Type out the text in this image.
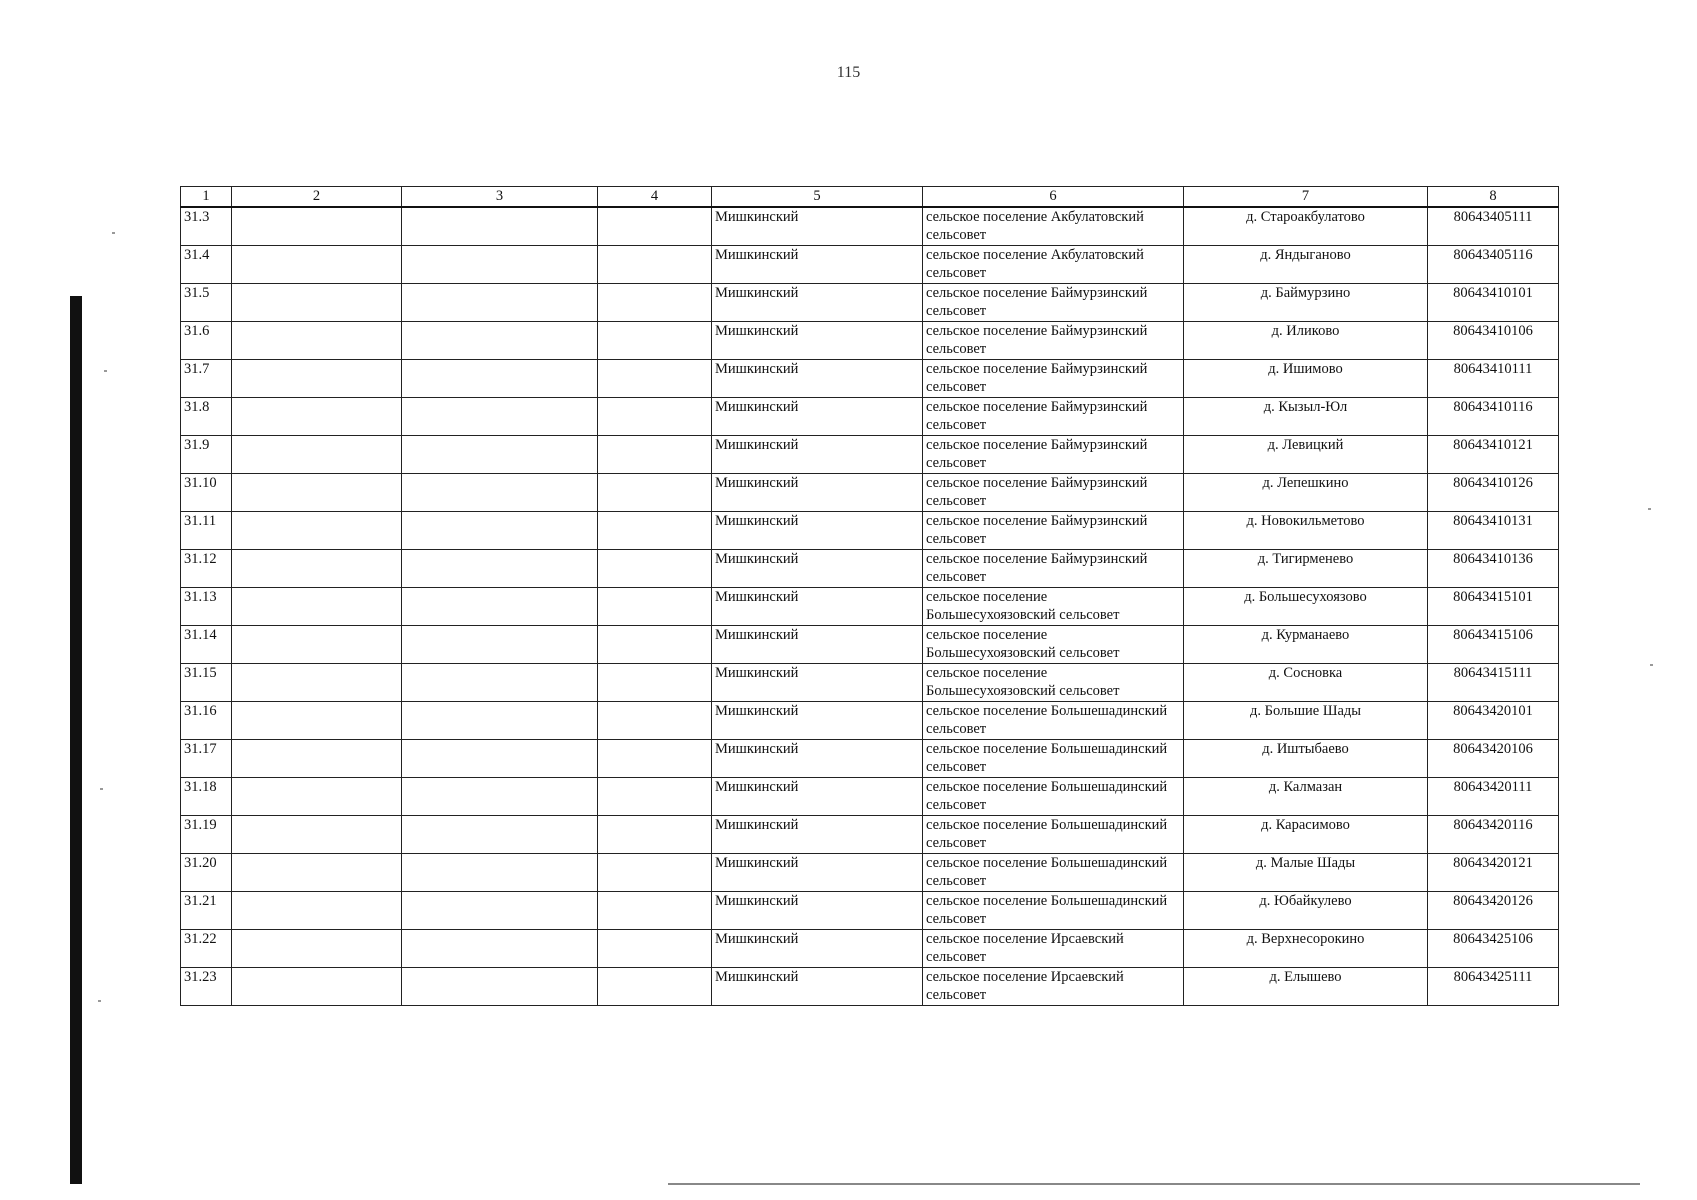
115
1	2	3	4	5	6	7	8
31.3				Мишкинский	сельское поселение Акбулатовский сельсовет	д. Староакбулатово	80643405111
31.4				Мишкинский	сельское поселение Акбулатовский сельсовет	д. Яндыганово	80643405116
31.5				Мишкинский	сельское поселение Баймурзинский сельсовет	д. Баймурзино	80643410101
31.6				Мишкинский	сельское поселение Баймурзинский сельсовет	д. Иликово	80643410106
31.7				Мишкинский	сельское поселение Баймурзинский сельсовет	д. Ишимово	80643410111
31.8				Мишкинский	сельское поселение Баймурзинский сельсовет	д. Кызыл-Юл	80643410116
31.9				Мишкинский	сельское поселение Баймурзинский сельсовет	д. Левицкий	80643410121
31.10				Мишкинский	сельское поселение Баймурзинский сельсовет	д. Лепешкино	80643410126
31.11				Мишкинский	сельское поселение Баймурзинский сельсовет	д. Новокильметово	80643410131
31.12				Мишкинский	сельское поселение Баймурзинский сельсовет	д. Тигирменево	80643410136
31.13				Мишкинский	сельское поселение Большесухоязовский сельсовет	д. Большесухоязово	80643415101
31.14				Мишкинский	сельское поселение Большесухоязовский сельсовет	д. Курманаево	80643415106
31.15				Мишкинский	сельское поселение Большесухоязовский сельсовет	д. Сосновка	80643415111
31.16				Мишкинский	сельское поселение Большешадинский сельсовет	д. Большие Шады	80643420101
31.17				Мишкинский	сельское поселение Большешадинский сельсовет	д. Иштыбаево	80643420106
31.18				Мишкинский	сельское поселение Большешадинский сельсовет	д. Калмазан	80643420111
31.19				Мишкинский	сельское поселение Большешадинский сельсовет	д. Карасимово	80643420116
31.20				Мишкинский	сельское поселение Большешадинский сельсовет	д. Малые Шады	80643420121
31.21				Мишкинский	сельское поселение Большешадинский сельсовет	д. Юбайкулево	80643420126
31.22				Мишкинский	сельское поселение Ирсаевский сельсовет	д. Верхнесорокино	80643425106
31.23				Мишкинский	сельское поселение Ирсаевский сельсовет	д. Елышево	80643425111
